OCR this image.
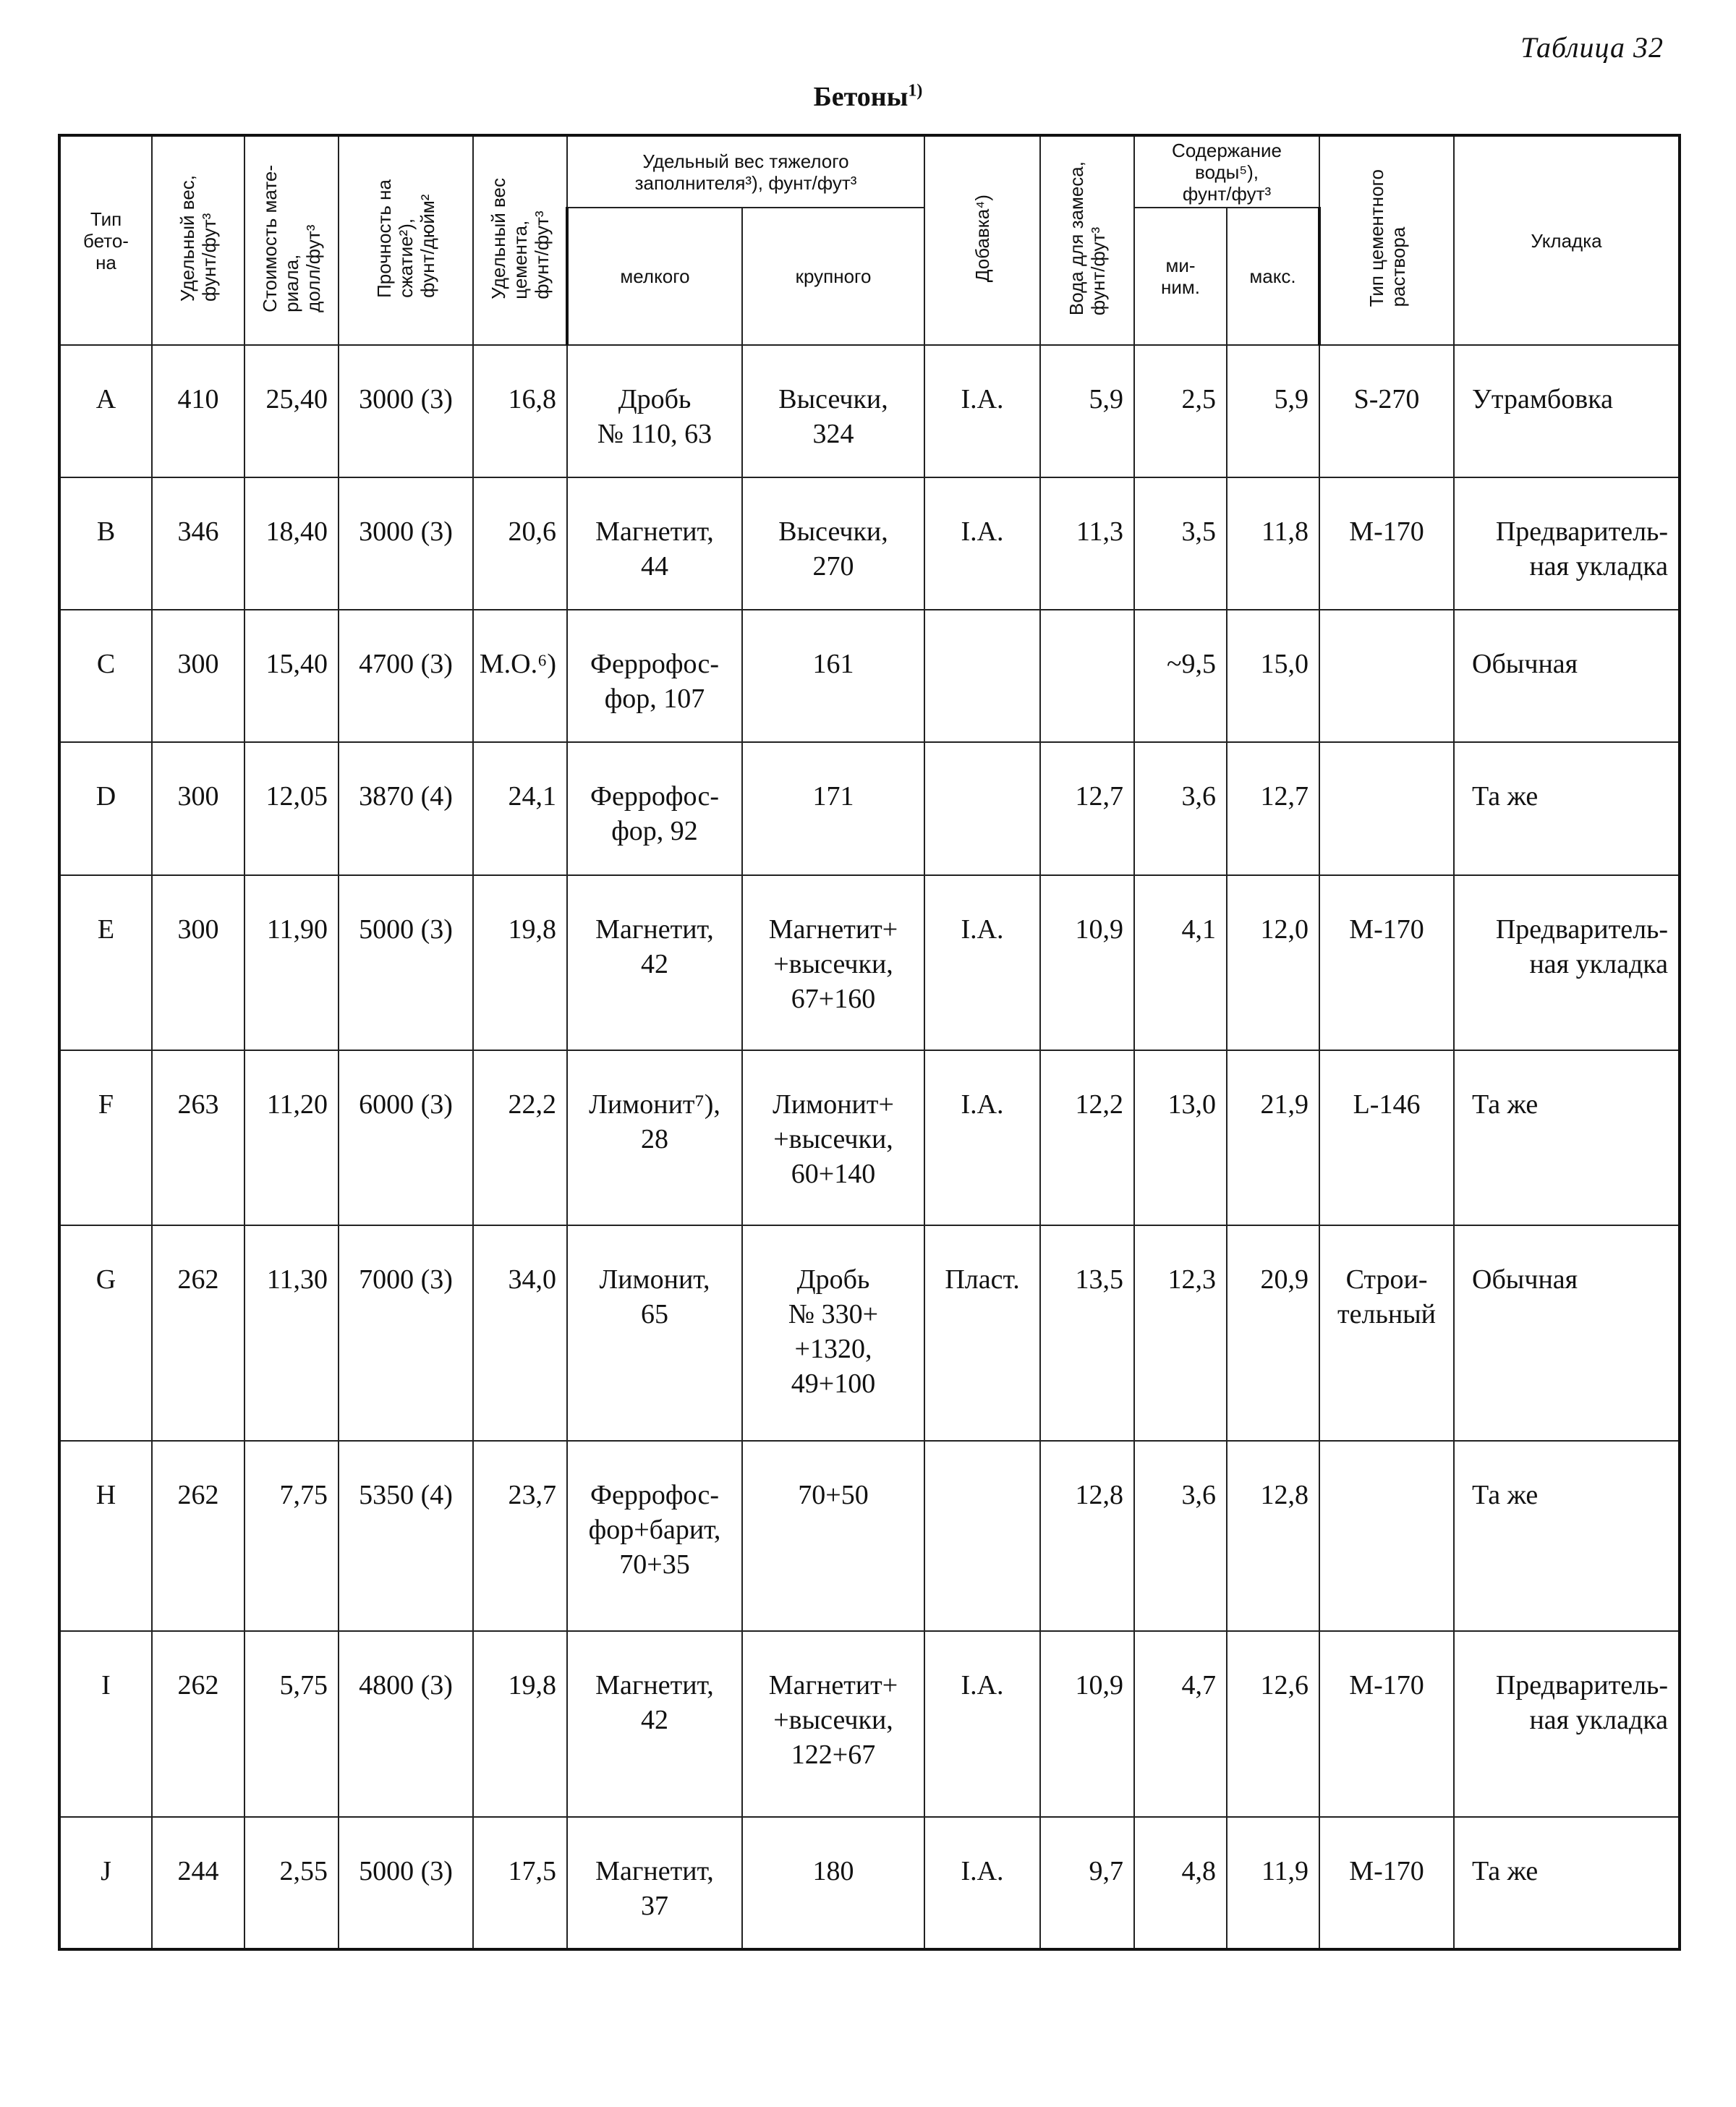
Таблица 32
Бетоны$^{1)}$
Тип
бето-
на	Удельный вес,
фунт/фут³	Стоимость мате-
риала,
долл/фут³	Прочность на
сжатие²),
фунт/дюйм²	Удельный вес
цемента,
фунт/фут³	Удельный вес тяжелого
заполнителя³), фунт/фут³		Добавка⁴)	Вода для замеса,
фунт/фут³	Содержание
воды⁵),
фунт/фут³		Тип цементного
раствора	Укладка
					мелкого	крупного			ми-
ним.	макс.		
A	410	25,40	3000 (3)	16,8	Дробь
№ 110, 63	Высечки,
324	I.A.	5,9	2,5	5,9	S-270	Утрамбовка
B	346	18,40	3000 (3)	20,6	Магнетит,
44	Высечки,
270	I.A.	11,3	3,5	11,8	М-170	Предваритель-
ная укладка
C	300	15,40	4700 (3)	М.О.⁶)	Феррофос-
фор, 107	161			~9,5	15,0		Обычная
D	300	12,05	3870 (4)	24,1	Феррофос-
фор, 92	171		12,7	3,6	12,7		Та же
E	300	11,90	5000 (3)	19,8	Магнетит,
42	Магнетит+
+высечки,
67+160	I.A.	10,9	4,1	12,0	М-170	Предваритель-
ная укладка
F	263	11,20	6000 (3)	22,2	Лимонит⁷),
28	Лимонит+
+высечки,
60+140	I.A.	12,2	13,0	21,9	L-146	Та же
G	262	11,30	7000 (3)	34,0	Лимонит,
65	Дробь
№ 330+
+1320,
49+100	Пласт.	13,5	12,3	20,9	Строи-
тельный	Обычная
H	262	7,75	5350 (4)	23,7	Феррофос-
фор+барит,
70+35	70+50		12,8	3,6	12,8		Та же
I	262	5,75	4800 (3)	19,8	Магнетит,
42	Магнетит+
+высечки,
122+67	I.A.	10,9	4,7	12,6	М-170	Предваритель-
ная укладка
J	244	2,55	5000 (3)	17,5	Магнетит,
37	180	I.A.	9,7	4,8	11,9	М-170	Та же
